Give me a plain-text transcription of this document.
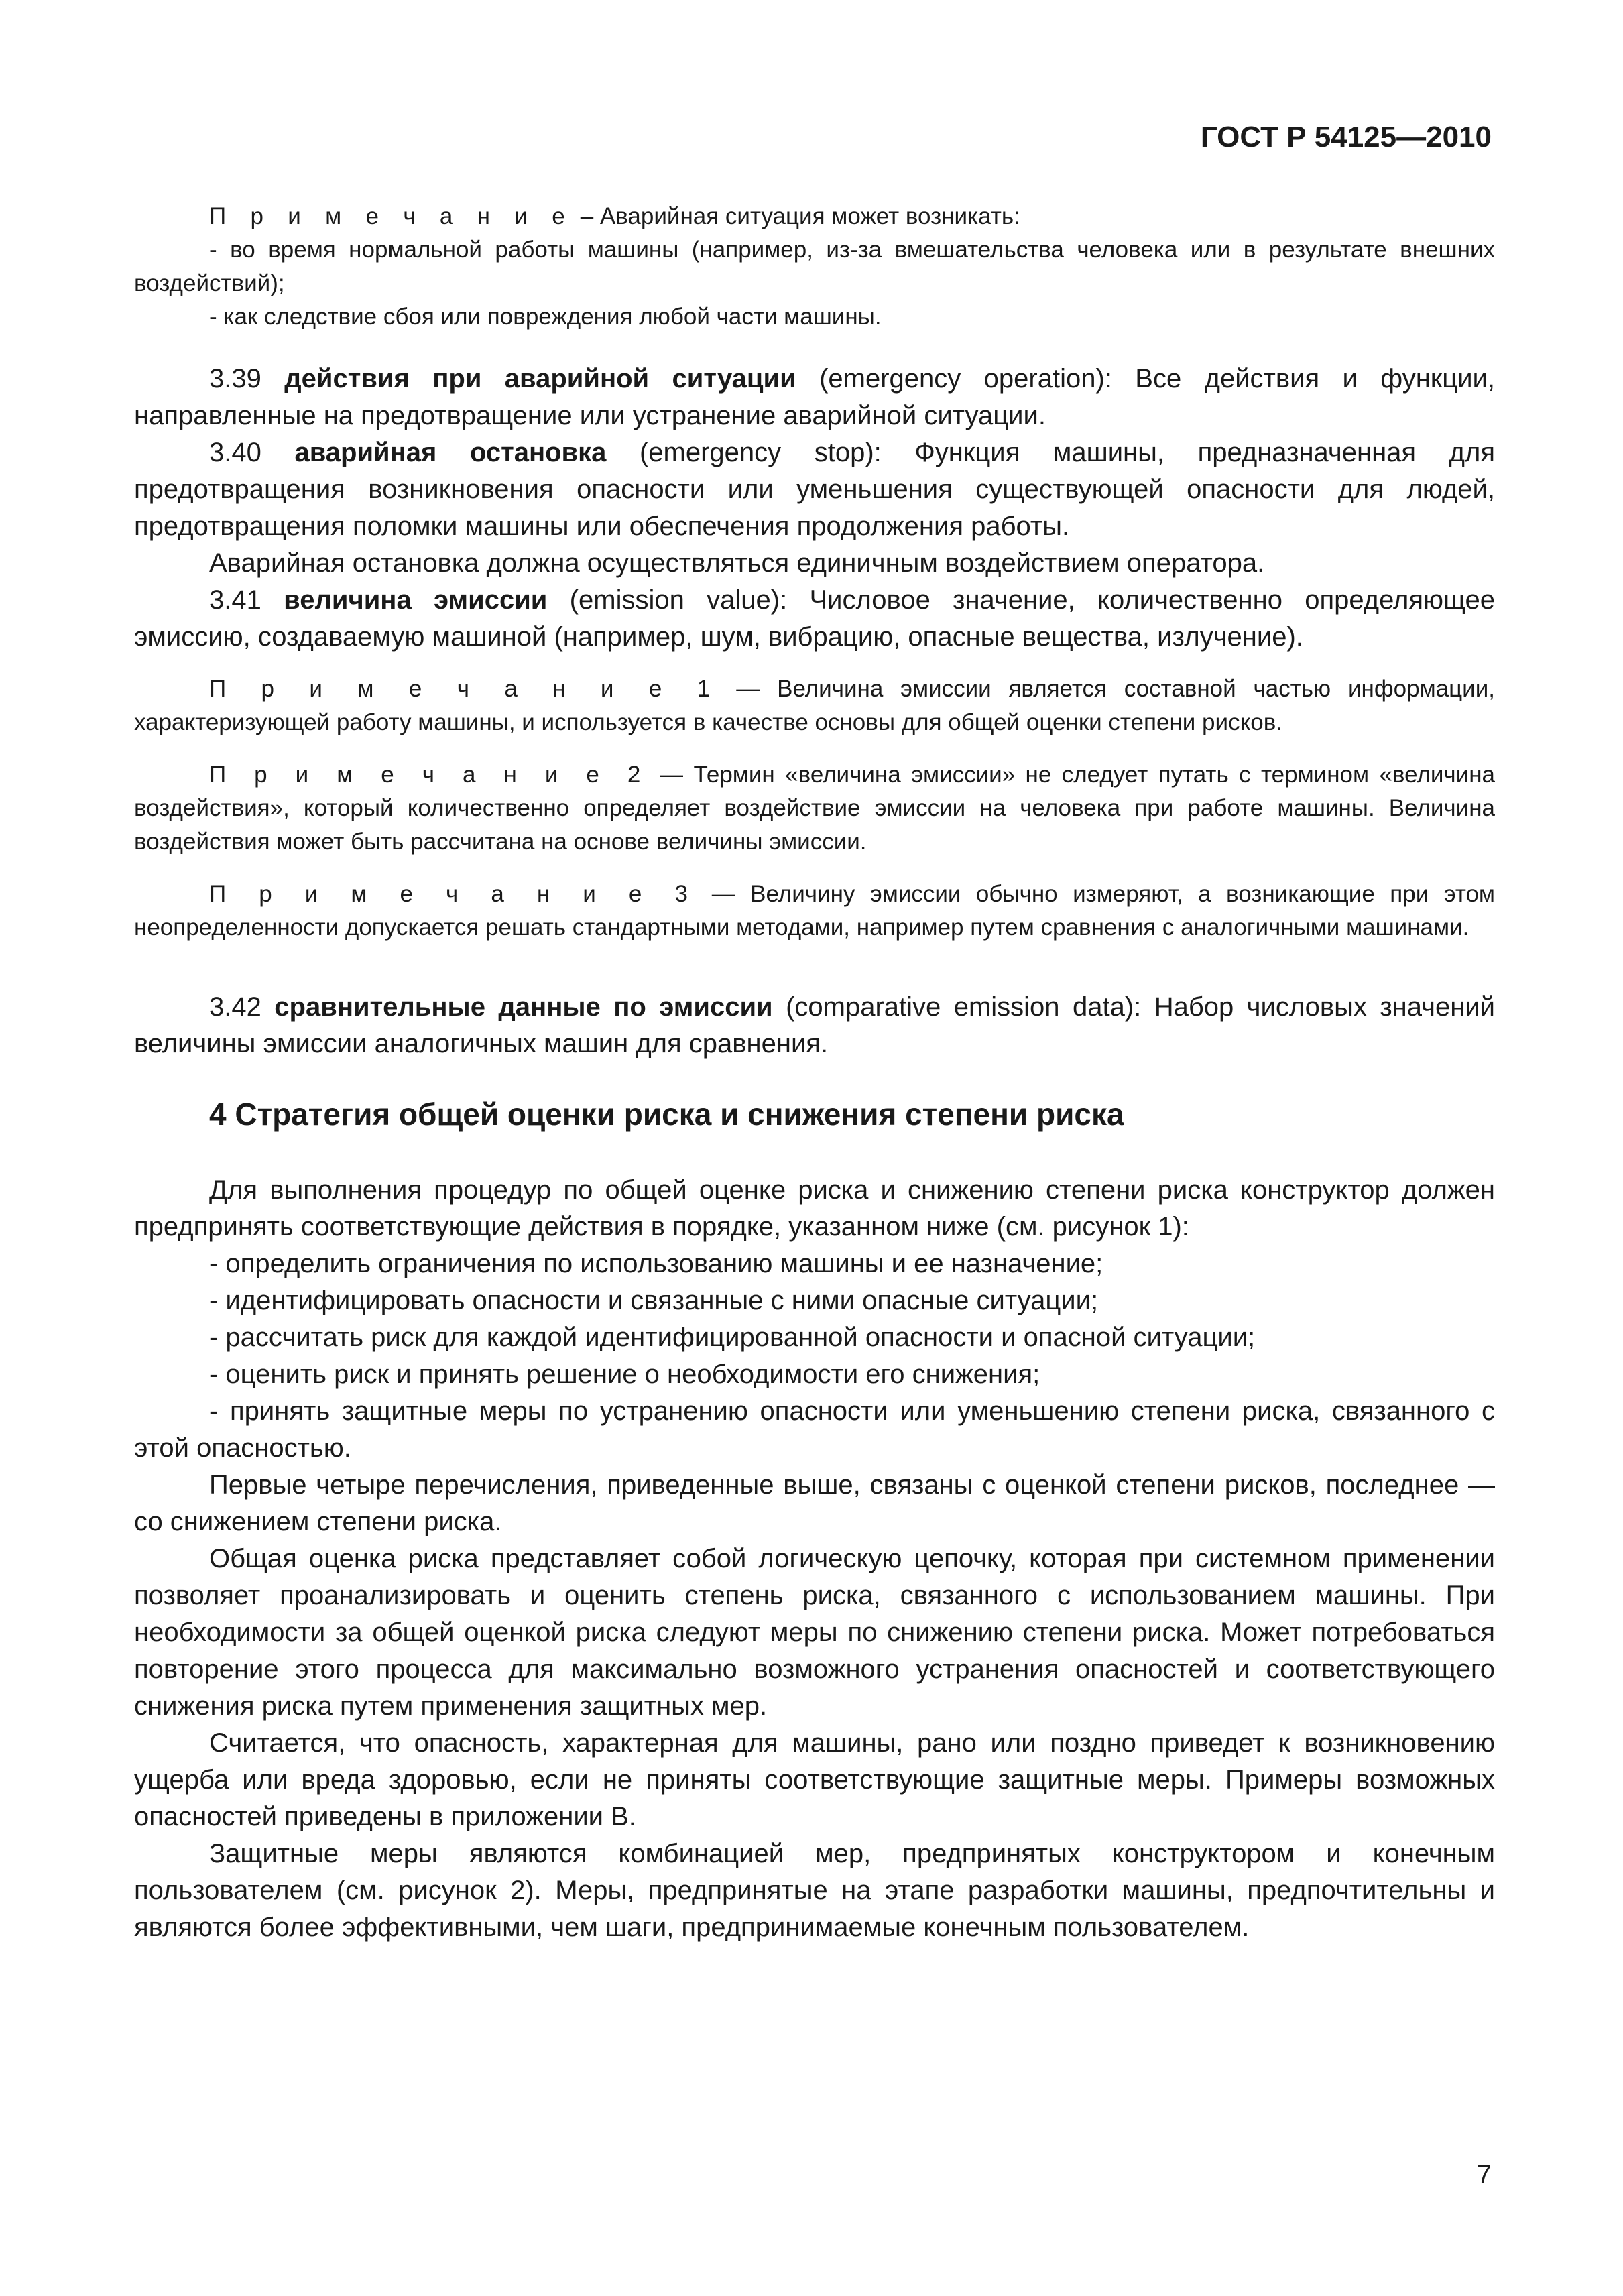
ГОСТ Р 54125—2010

П р и м е ч а н и е – Аварийная ситуация может возникать:

- во время нормальной работы машины (например, из-за вмешательства человека или в результате внешних воздействий);

- как следствие сбоя или повреждения любой части машины.

3.39 действия при аварийной ситуации (emergency operation): Все действия и функции, направленные на предотвращение или устранение аварийной ситуации.

3.40 аварийная остановка (emergency stop): Функция машины, предназначенная для предотвращения возникновения опасности или уменьшения существующей опасности для людей, предотвращения поломки машины или обеспечения продолжения работы.

Аварийная остановка должна осуществляться единичным воздействием оператора.

3.41 величина эмиссии (emission value): Числовое значение, количественно определяющее эмиссию, создаваемую машиной (например, шум, вибрацию, опасные вещества, излучение).

П р и м е ч а н и е 1 — Величина эмиссии является составной частью информации, характеризующей работу машины, и используется в качестве основы для общей оценки степени рисков.

П р и м е ч а н и е 2 — Термин «величина эмиссии» не следует путать с термином «величина воздействия», который количественно определяет воздействие эмиссии на человека при работе машины. Величина воздействия может быть рассчитана на основе величины эмиссии.

П р и м е ч а н и е 3 — Величину эмиссии обычно измеряют, а возникающие при этом неопределенности допускается решать стандартными методами, например путем сравнения с аналогичными машинами.

3.42 сравнительные данные по эмиссии (comparative emission data): Набор числовых значений величины эмиссии аналогичных машин для сравнения.

4 Стратегия общей оценки риска и снижения степени риска

Для выполнения процедур по общей оценке риска и снижению степени риска конструктор должен предпринять соответствующие действия в порядке, указанном ниже (см. рисунок 1):

- определить ограничения по использованию машины и ее назначение;

- идентифицировать опасности и связанные с ними опасные ситуации;

- рассчитать риск для каждой идентифицированной опасности и опасной ситуации;

- оценить риск и принять решение о необходимости его снижения;

- принять защитные меры по устранению опасности или уменьшению степени риска, связанного с этой опасностью.

Первые четыре перечисления, приведенные выше, связаны с оценкой степени рисков, последнее — со снижением степени риска.

Общая оценка риска представляет собой логическую цепочку, которая при системном применении позволяет проанализировать и оценить степень риска, связанного с использованием машины. При необходимости за общей оценкой риска следуют меры по снижению степени риска. Может потребоваться повторение этого процесса для максимально возможного устранения опасностей и соответствующего снижения риска путем применения защитных мер.

Считается, что опасность, характерная для машины, рано или поздно приведет к возникновению ущерба или вреда здоровью, если не приняты соответствующие защитные меры. Примеры возможных опасностей приведены в приложении В.

Защитные меры являются комбинацией мер, предпринятых конструктором и конечным пользователем (см. рисунок 2). Меры, предпринятые на этапе разработки машины, предпочтительны и являются более эффективными, чем шаги, предпринимаемые конечным пользователем.

7
